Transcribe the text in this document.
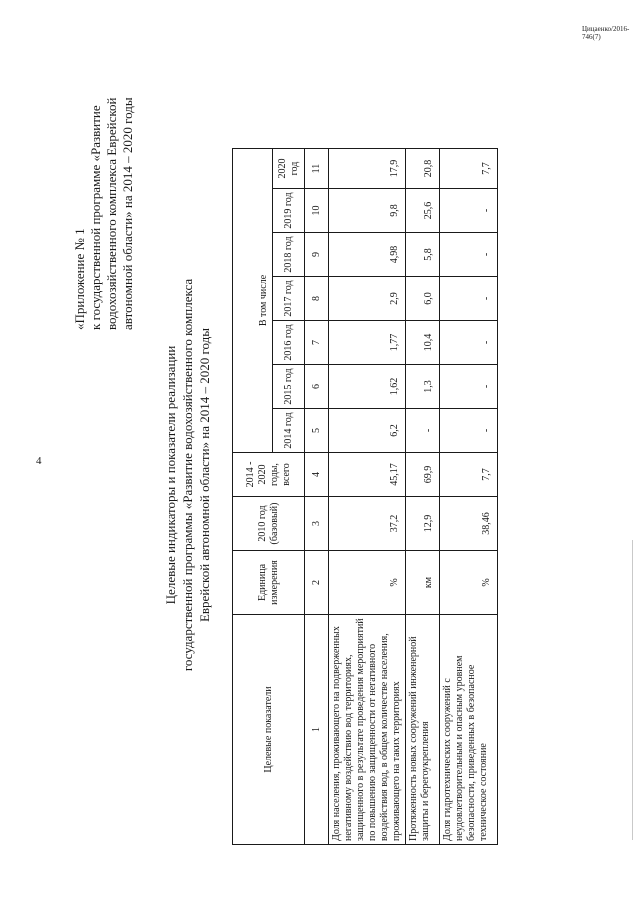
4
«Приложение № 1 к государственной программе «Развитие водохозяйственного комплекса Еврейской автономной области» на 2014 – 2020 годы
Целевые индикаторы и показатели реализации государственной программы «Развитие водохозяйственного комплекса Еврейской автономной области» на 2014 – 2020 годы
Целевые показатели	Единица измерения	2010 год (базовый)	2014 - 2020 годы, всего	В том числе						
				2014 год	2015 год	2016 год	2017 год	2018 год	2019 год	2020 год
1	2	3	4	5	6	7	8	9	10	11
Доля населения, проживающего на подверженных негативному воздействию вод территориях, защищенного в результате проведения мероприятий по повышению защищенности от негативного воздействия вод, в общем количестве населения, проживающего на таких территориях	%	37,2	45,17	6,2	1,62	1,77	2,9	4,98	9,8	17,9
Протяженность новых сооружений инженерной защиты и берегоукрепления	км	12,9	69,9	-	1,3	10,4	6,0	5,8	25,6	20,8
Доля гидротехнических сооружений с неудовлетворительным и опасным уровнем безопасности, приведенных в безопасное техническое состояние	%	38,46	7,7	-	-	-	-	-	-	7,7
Цицаенко/2016-746(7)
